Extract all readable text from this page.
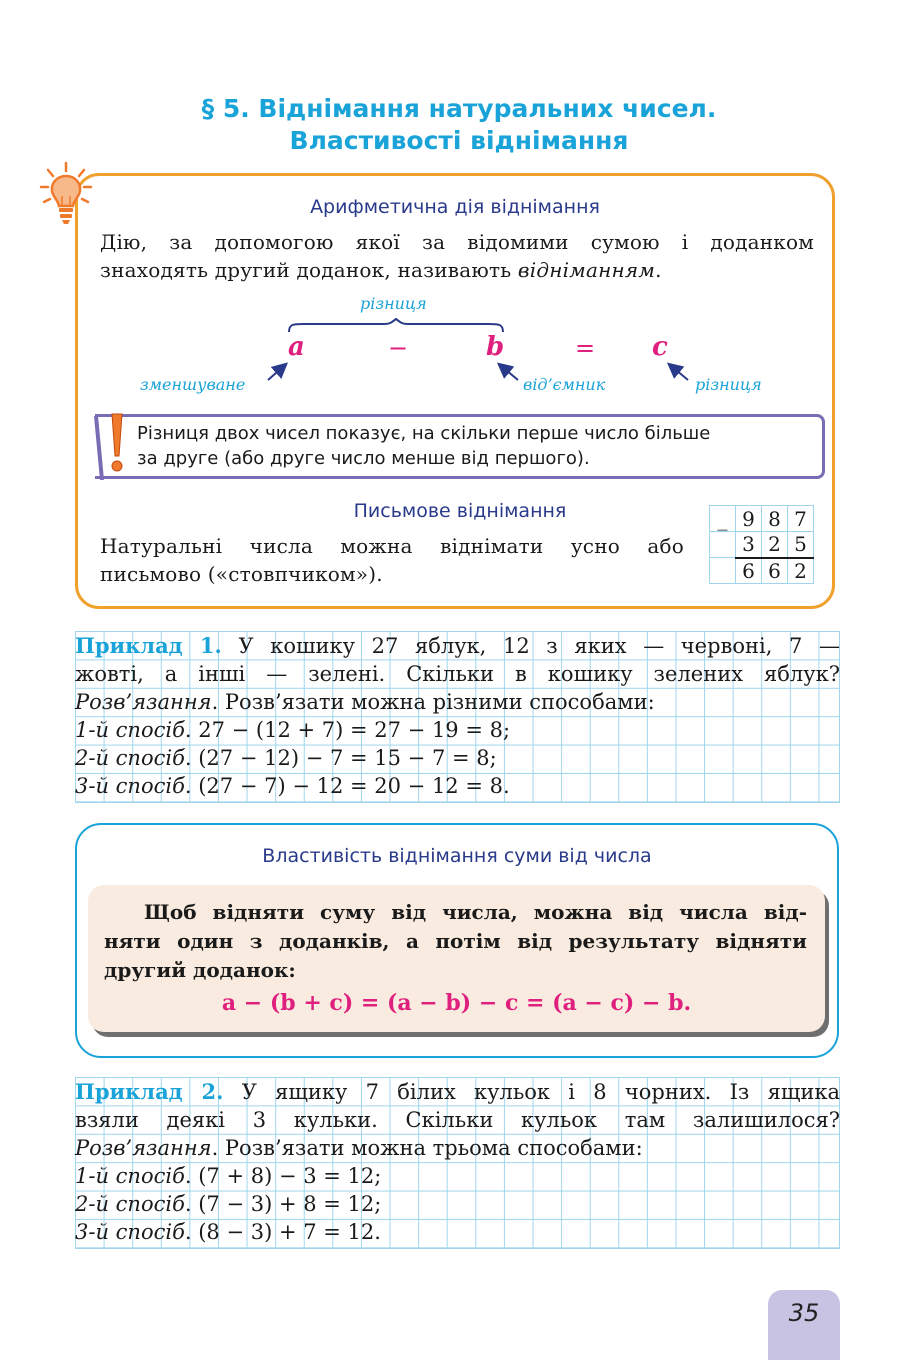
§ 5. Віднімання натуральних чисел.
Властивості віднімання
Арифметична дія віднімання
Дію, за допомогою якої за відомими сумою і доданком
знаходять другий доданок, називають відніманням.
різниця
a	−	b	= c
зменшуване	від’ємник	різниця
Різниця двох чисел показує, на скільки перше число більше
за друге (або друге число менше від першого).
Письмове віднімання
Натуральні числа можна віднімати усно або
письмово («стовпчиком»).
_	9	8	7
	3	2	5
	6	6	2
Приклад 1. У кошику 27 яблук, 12 з яких — червоні, 7 —
жовті, а інші — зелені. Скільки в кошику зелених яблук?
Розв’язання. Розв’язати можна різними способами:
1-й спосіб. 27 − (12 + 7) = 27 − 19 = 8;
2-й спосіб. (27 − 12) − 7 = 15 − 7 = 8;
3-й спосіб. (27 − 7) − 12 = 20 − 12 = 8.
Властивість віднімання суми від числа
Щоб відняти суму від числа, можна від числа від-
няти один з доданків, а потім від результату відняти
другий доданок:
a − (b + c) = (a − b) − c = (a − c) − b.
Приклад 2. У ящику 7 білих кульок і 8 чорних. Із ящика
взяли деякі 3 кульки. Скільки кульок там залишилося?
Розв’язання. Розв’язати можна трьома способами:
1-й спосіб. (7 + 8) − 3 = 12;
2-й спосіб. (7 − 3) + 8 = 12;
3-й спосіб. (8 − 3) + 7 = 12.
35
